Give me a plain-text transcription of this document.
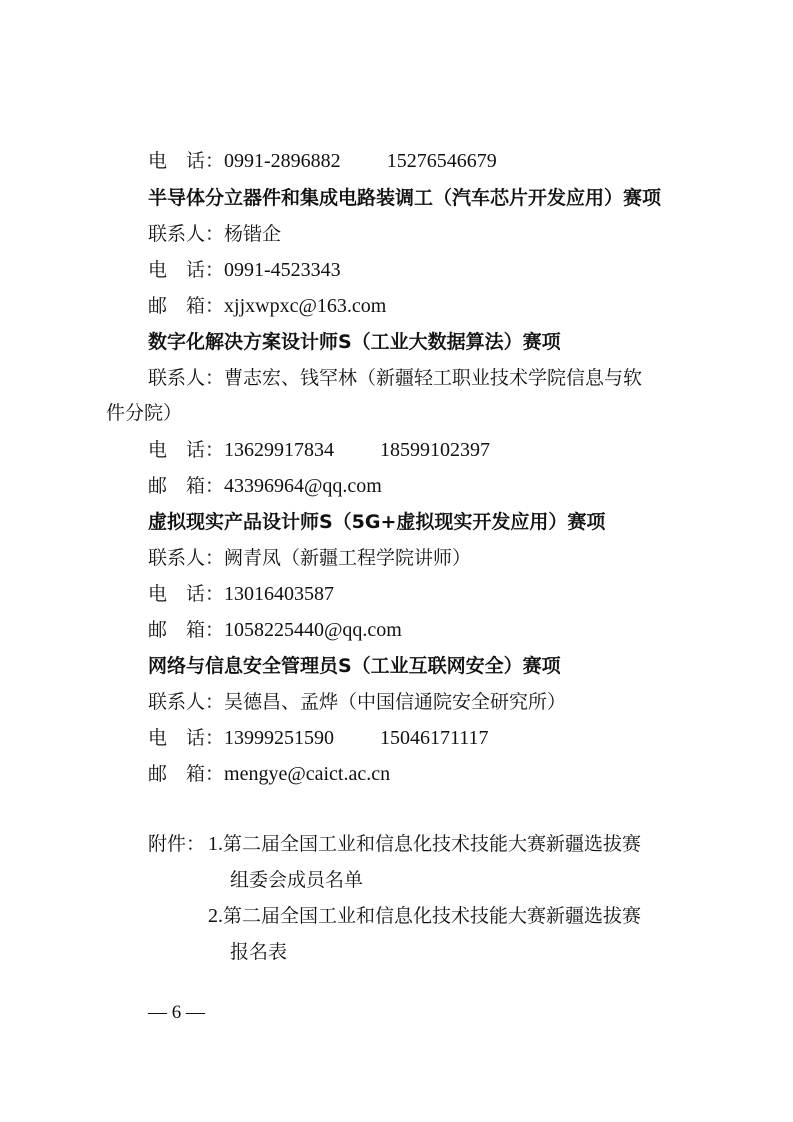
电　话：0991-2896882 15276546679
半导体分立器件和集成电路装调工（汽车芯片开发应用）赛项
联系人：杨锴企
电　话：0991-4523343
邮　箱：xjjxwpxc@163.com
数字化解决方案设计师S（工业大数据算法）赛项
联系人：曹志宏、钱罕林（新疆轻工职业技术学院信息与软
件分院）
电　话：13629917834 18599102397
邮　箱：43396964@qq.com
虚拟现实产品设计师S（5G+虚拟现实开发应用）赛项
联系人：阙青凤（新疆工程学院讲师）
电　话：13016403587
邮　箱：1058225440@qq.com
网络与信息安全管理员S（工业互联网安全）赛项
联系人：吴德昌、孟烨（中国信通院安全研究所）
电　话：13999251590 15046171117
邮　箱：mengye@caict.ac.cn
附件： 1.第二届全国工业和信息化技术技能大赛新疆选拔赛
组委会成员名单
2.第二届全国工业和信息化技术技能大赛新疆选拔赛
报名表
— 6 —
